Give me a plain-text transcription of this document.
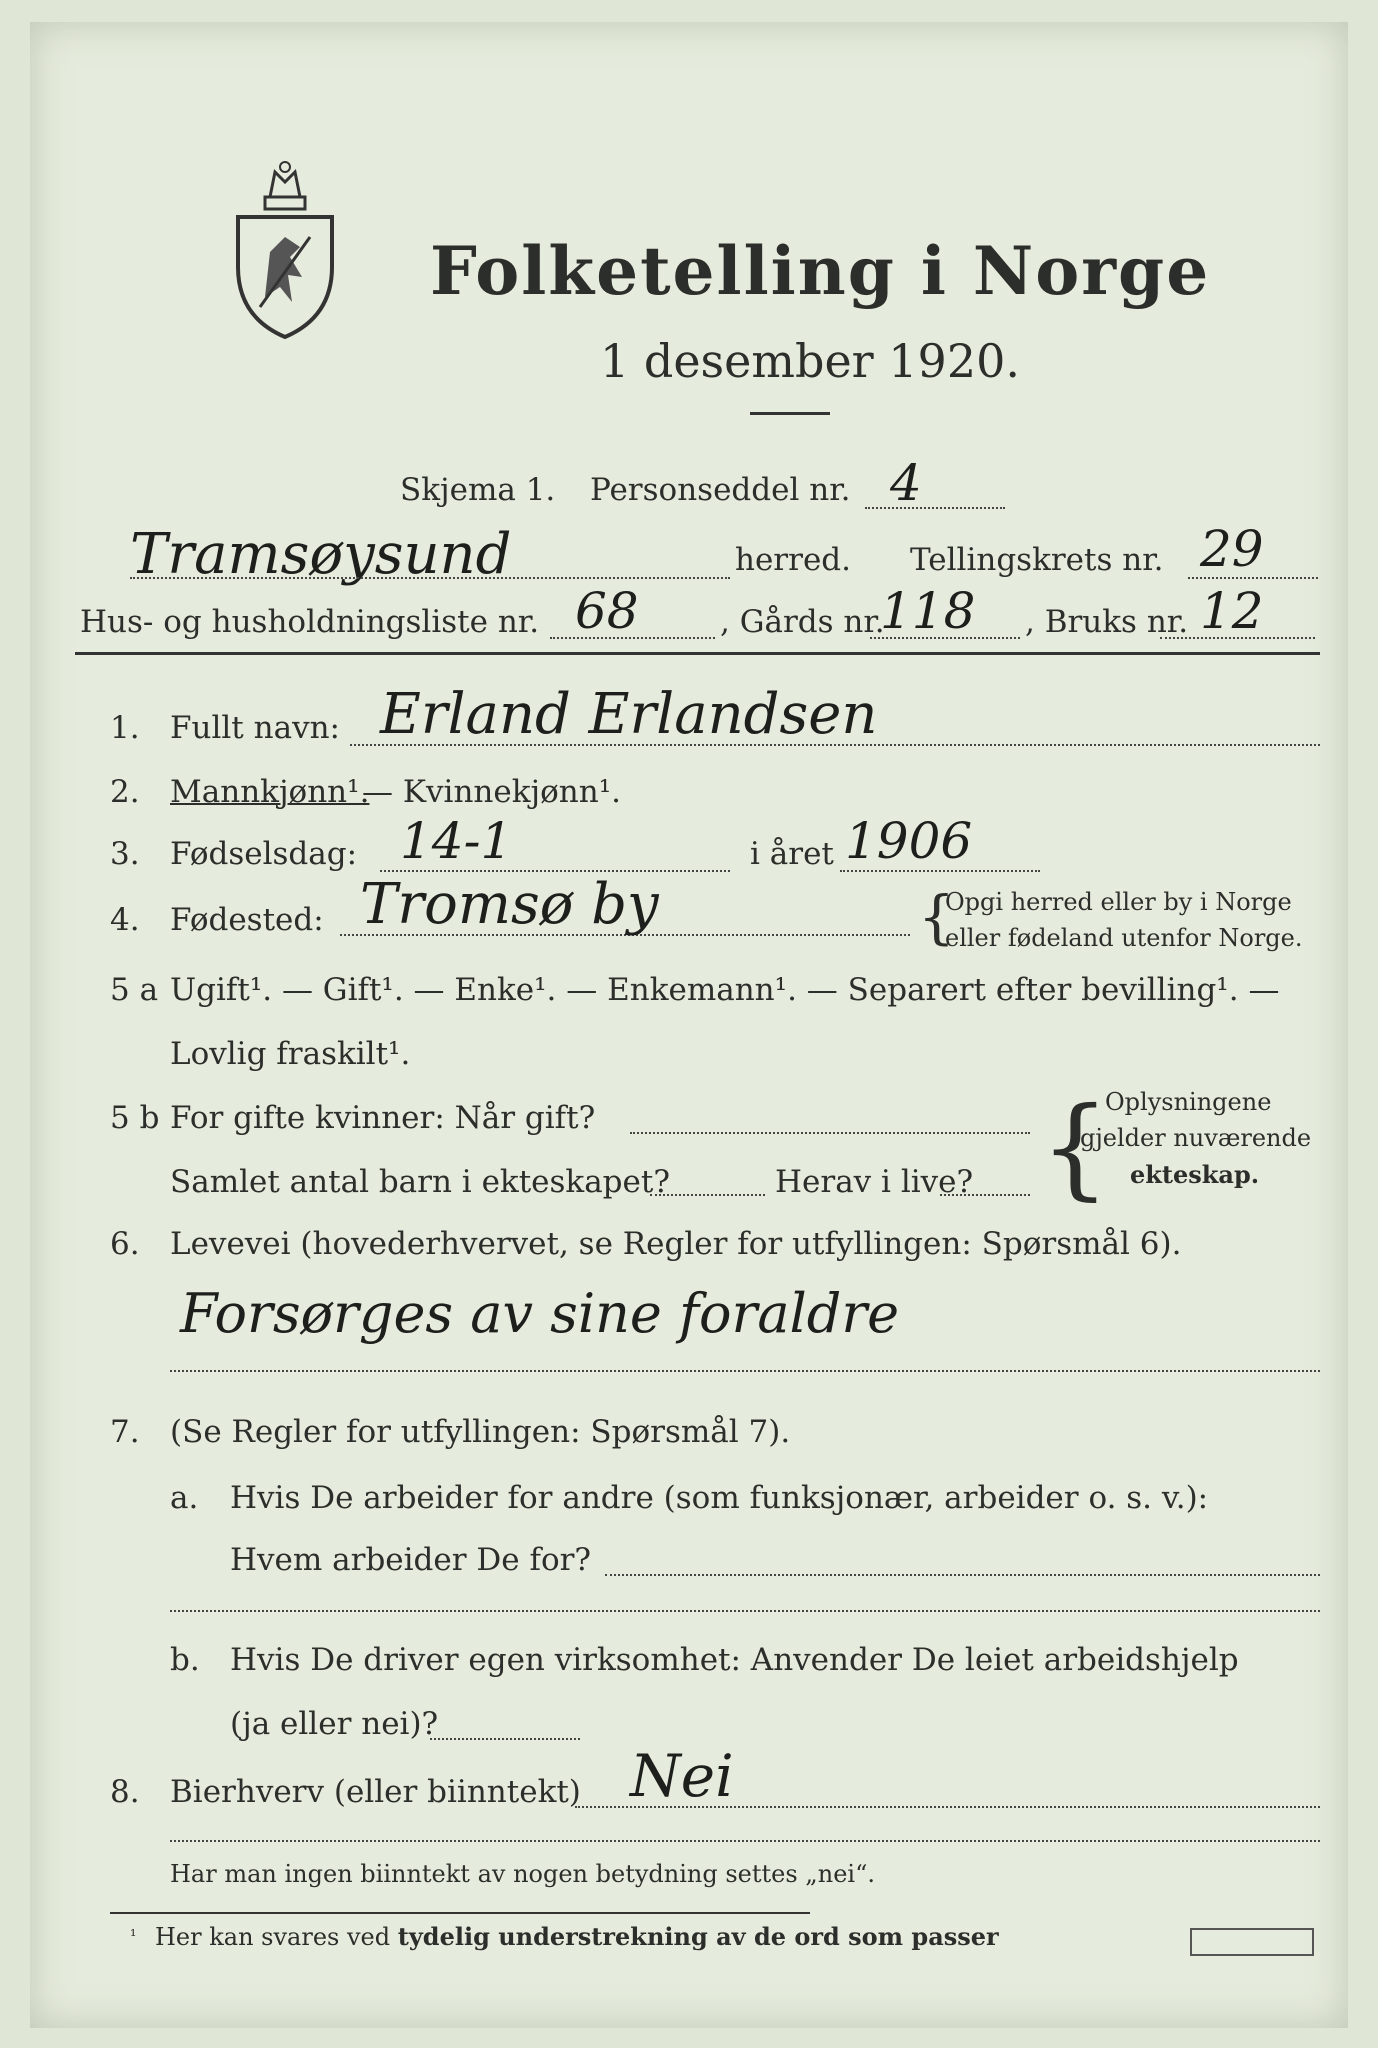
Folketelling i Norge
1 desember 1920.
Skjema 1. Personseddel nr. 4
Tramsøysund	herred. Tellingskrets nr. 29
Hus- og husholdningsliste nr. 68	, Gårds nr.
118 , Bruks nr. 12
1. Fullt navn: Erland Erlandsen
2. Mannkjønn¹.
— Kvinnekjønn¹.
3. Fødselsdag: 14-1	i året 1906
4. Fødested: Tromsø by	{
Opgi herred eller by i Norge
eller fødeland utenfor Norge.
5 a Ugift¹. — Gift¹. — Enke¹. — Enkemann¹. — Separert efter bevilling¹. —
Lovlig fraskilt¹.
5 b For gifte kvinner: Når gift?
Samlet antal barn i ekteskapet?	Herav i live? {
Oplysningene
gjelder nuværende
ekteskap.
6. Levevei (hovederhvervet, se Regler for utfyllingen: Spørsmål 6).
Forsørges av sine foraldre
7. (Se Regler for utfyllingen: Spørsmål 7).
a. Hvis De arbeider for andre (som funksjonær, arbeider o. s. v.):
Hvem arbeider De for?
b. Hvis De driver egen virksomhet: Anvender De leiet arbeidshjelp
(ja eller nei)?
8. Bierhverv (eller biinntekt) Nei
Har man ingen biinntekt av nogen betydning settes „nei“.
¹ Her kan svares ved tydelig understrekning av de ord som passer
